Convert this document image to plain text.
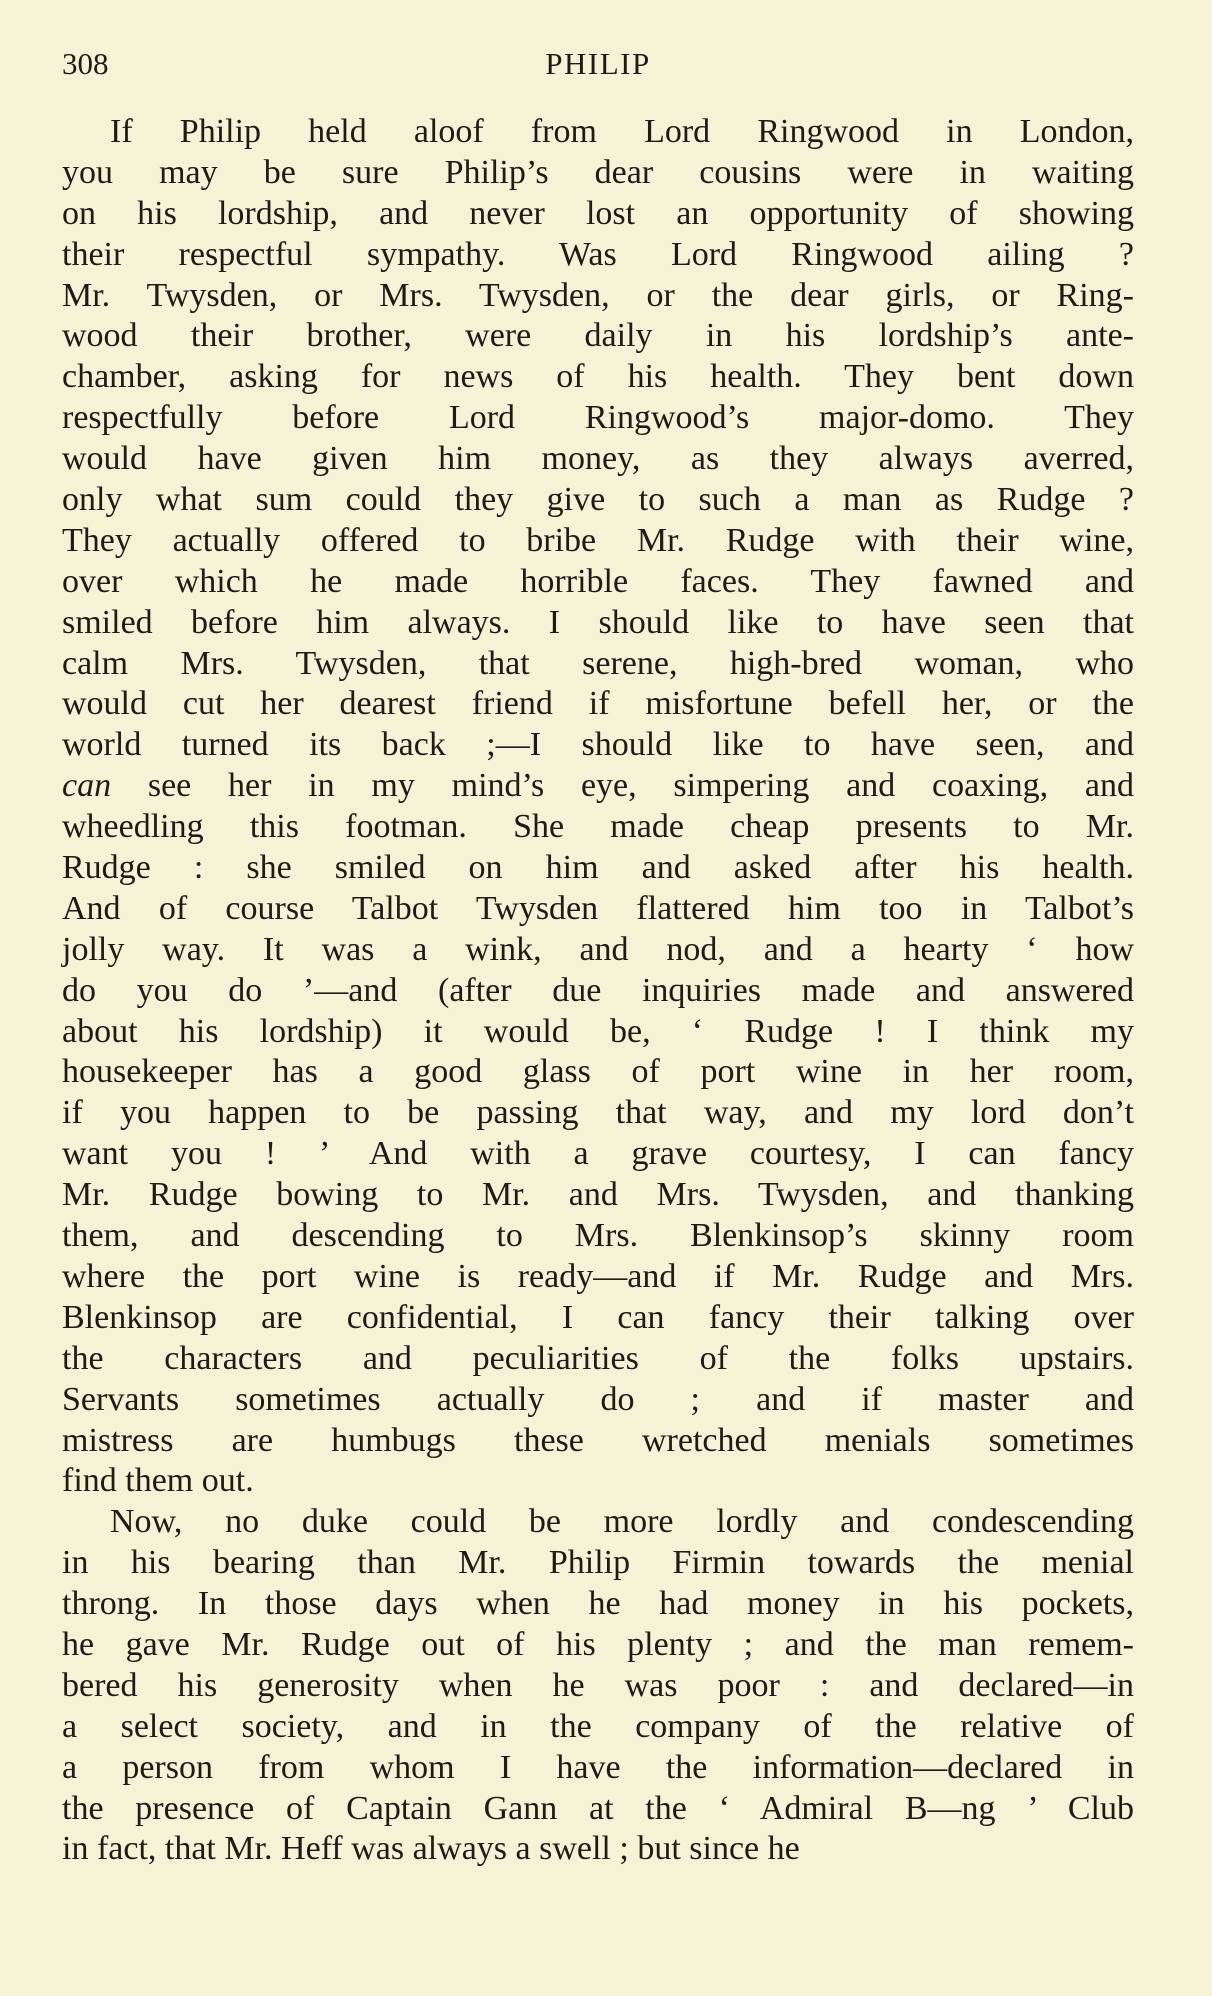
308	PHILIP
If Philip held aloof from Lord Ringwood in London,
you may be sure Philip’s dear cousins were in waiting
on his lordship, and never lost an opportunity of showing
their respectful sympathy. Was Lord Ringwood ailing ?
Mr. Twysden, or Mrs. Twysden, or the dear girls, or Ring-
wood their brother, were daily in his lordship’s ante-
chamber, asking for news of his health. They bent down
respectfully before Lord Ringwood’s major-domo. They
would have given him money, as they always averred,
only what sum could they give to such a man as Rudge ?
They actually offered to bribe Mr. Rudge with their wine,
over which he made horrible faces. They fawned and
smiled before him always. I should like to have seen that
calm Mrs. Twysden, that serene, high-bred woman, who
would cut her dearest friend if misfortune befell her, or the
world turned its back ;—I should like to have seen, and
can see her in my mind’s eye, simpering and coaxing, and
wheedling this footman. She made cheap presents to Mr.
Rudge : she smiled on him and asked after his health.
And of course Talbot Twysden flattered him too in Talbot’s
jolly way. It was a wink, and nod, and a hearty ‘ how
do you do ’—and (after due inquiries made and answered
about his lordship) it would be, ‘ Rudge ! I think my
housekeeper has a good glass of port wine in her room,
if you happen to be passing that way, and my lord don’t
want you ! ’ And with a grave courtesy, I can fancy
Mr. Rudge bowing to Mr. and Mrs. Twysden, and thanking
them, and descending to Mrs. Blenkinsop’s skinny room
where the port wine is ready—and if Mr. Rudge and Mrs.
Blenkinsop are confidential, I can fancy their talking over
the characters and peculiarities of the folks upstairs.
Servants sometimes actually do ; and if master and
mistress are humbugs these wretched menials sometimes
find them out.
Now, no duke could be more lordly and condescending
in his bearing than Mr. Philip Firmin towards the menial
throng. In those days when he had money in his pockets,
he gave Mr. Rudge out of his plenty ; and the man remem-
bered his generosity when he was poor : and declared—in
a select society, and in the company of the relative of
a person from whom I have the information—declared in
the presence of Captain Gann at the ‘ Admiral B—ng ’ Club
in fact, that Mr. Heff was always a swell ; but since he
